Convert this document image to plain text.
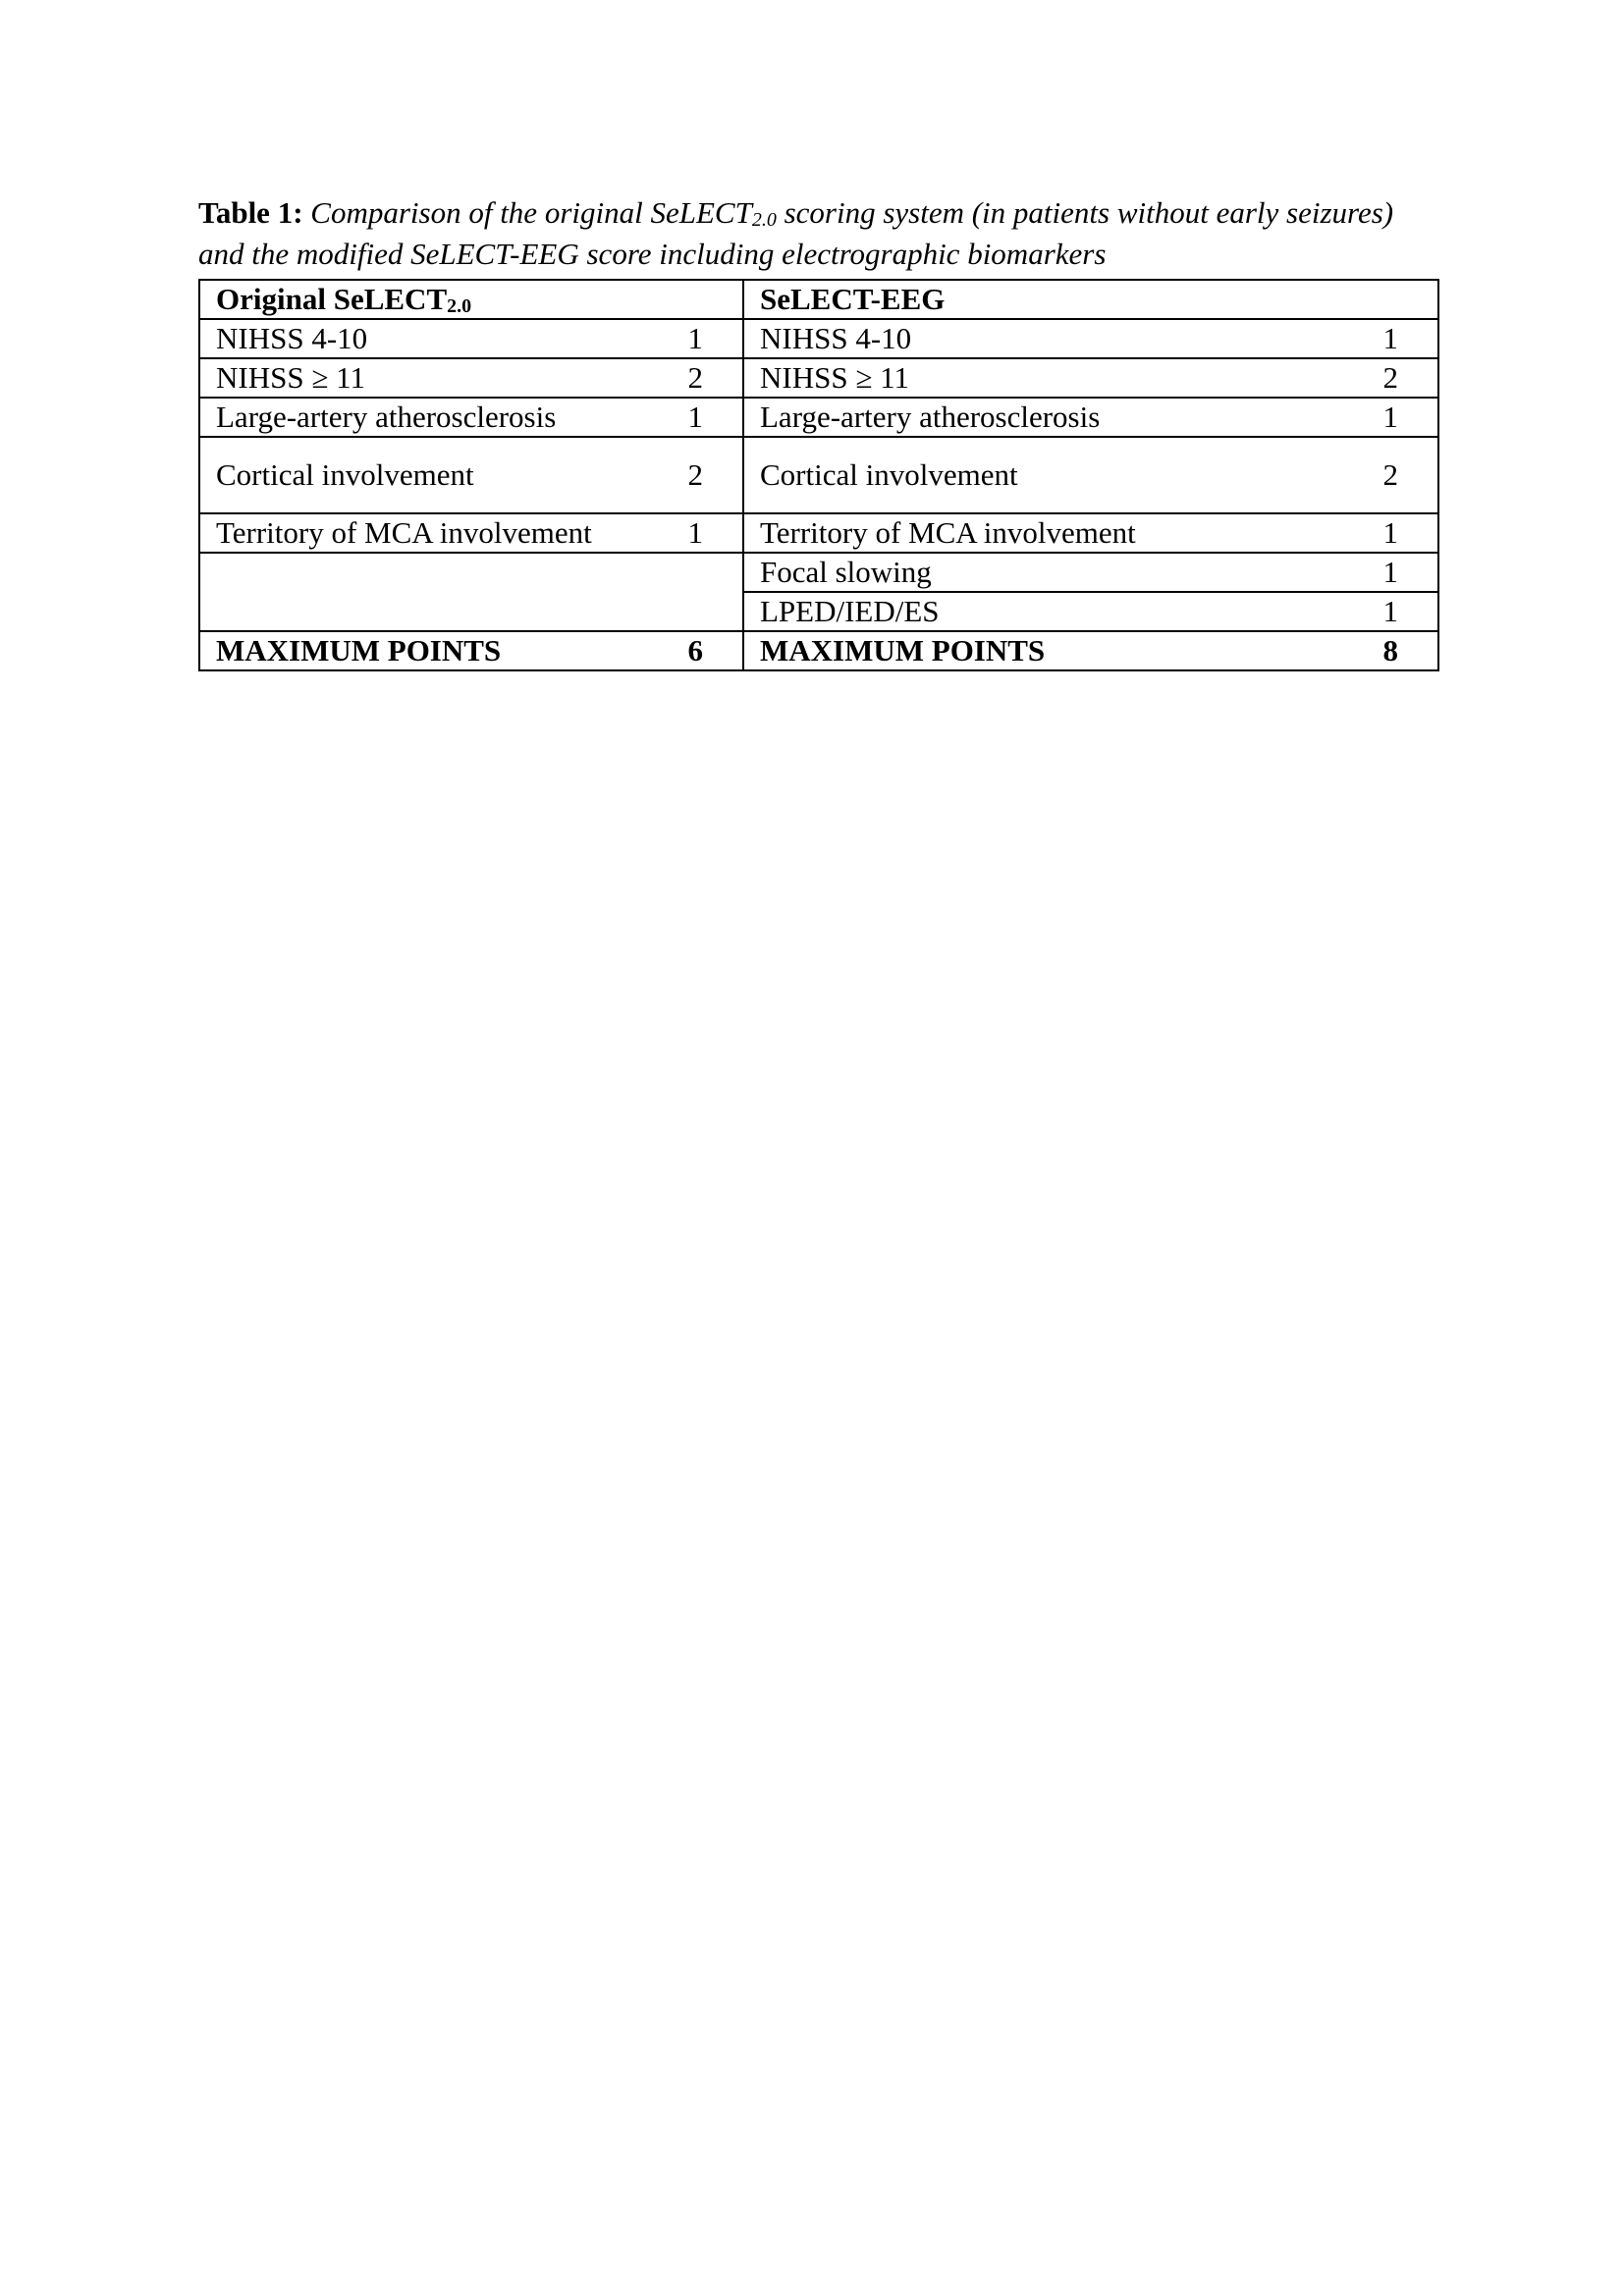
Table 1: Comparison of the original SeLECT$_{2.0}$ scoring system (in patients without early seizures) and the modified SeLECT-EEG score including electrographic biomarkers
Original SeLECT$_{2.0}$		SeLECT-EEG	
NIHSS 4-10	1	NIHSS 4-10	1
NIHSS ≥ 11	2	NIHSS ≥ 11	2
Large-artery atherosclerosis	1	Large-artery atherosclerosis	1
Cortical involvement	2	Cortical involvement	2
Territory of MCA involvement	1	Territory of MCA involvement	1
		Focal slowing	1
		LPED/IED/ES	1
MAXIMUM POINTS	6	MAXIMUM POINTS	8
